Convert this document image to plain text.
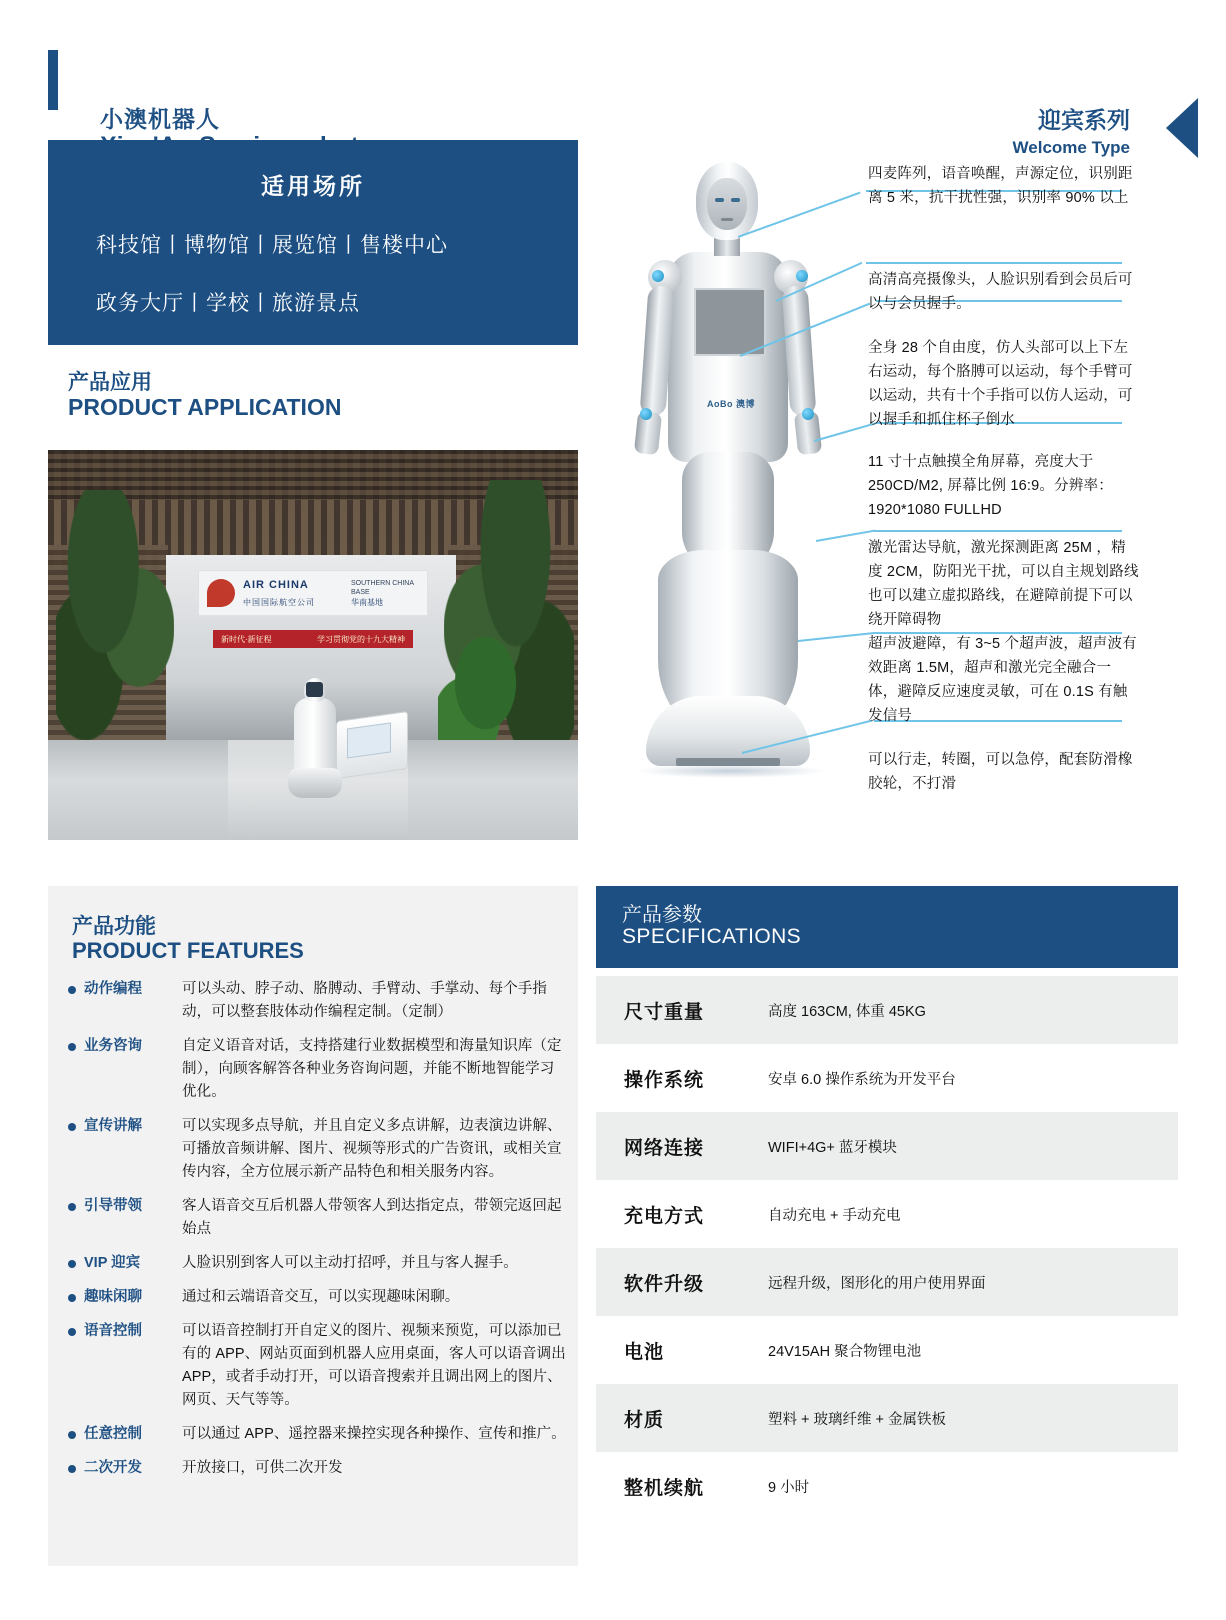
小澳机器人	迎宾系列
Welcome Type
适用场所
科技馆丨博物馆丨展览馆丨售楼中心
政务大厅丨学校丨旅游景点
产品应用
PRODUCT APPLICATION
AIR CHINA	SOUTHERN CHINA BASE
中国国际航空公司	华南基地
新时代·新征程	学习贯彻党的十九大精神
AoBo 澳博
四麦阵列，语音唤醒，声源定位，识别距离 5 米，抗干扰性强，识别率 90% 以上
高清高亮摄像头，人脸识别看到会员后可以与会员握手。
全身 28 个自由度，仿人头部可以上下左右运动，每个胳膊可以运动，每个手臂可以运动，共有十个手指可以仿人运动，可以握手和抓住杯子倒水
11 寸十点触摸全角屏幕，亮度大于 250CD/M2, 屏幕比例 16:9。分辨率：1920*1080 FULLHD
激光雷达导航，激光探测距离 25M ，精度 2CM，防阳光干扰，可以自主规划路线也可以建立虚拟路线，在避障前提下可以绕开障碍物
超声波避障，有 3~5 个超声波，超声波有效距离 1.5M，超声和激光完全融合一体，避障反应速度灵敏，可在 0.1S 有触发信号
可以行走，转圈，可以急停，配套防滑橡胶轮，不打滑
产品功能
PRODUCT FEATURES
动作编程	可以头动、脖子动、胳膊动、手臂动、手掌动、每个手指动，可以整套肢体动作编程定制。（定制）
业务咨询	自定义语音对话，支持搭建行业数据模型和海量知识库（定制），向顾客解答各种业务咨询问题，并能不断地智能学习优化。
宣传讲解	可以实现多点导航，并且自定义多点讲解，边表演边讲解、可播放音频讲解、图片、视频等形式的广告资讯，或相关宣传内容，全方位展示新产品特色和相关服务内容。
引导带领	客人语音交互后机器人带领客人到达指定点，带领完返回起始点
VIP 迎宾	人脸识别到客人可以主动打招呼，并且与客人握手。
趣味闲聊	通过和云端语音交互，可以实现趣味闲聊。
语音控制	可以语音控制打开自定义的图片、视频来预览，可以添加已有的 APP、网站页面到机器人应用桌面，客人可以语音调出 APP，或者手动打开，可以语音搜索并且调出网上的图片、网页、天气等等。
任意控制	可以通过 APP、遥控器来操控实现各种操作、宣传和推广。
二次开发	开放接口，可供二次开发
产品参数
SPECIFICATIONS
尺寸重量	高度 163CM, 体重 45KG
操作系统	安卓 6.0 操作系统为开发平台
网络连接	WIFI+4G+ 蓝牙模块
充电方式	自动充电 + 手动充电
软件升级	远程升级，图形化的用户使用界面
电池	24V15AH 聚合物锂电池
材质	塑料 + 玻璃纤维 + 金属铁板
整机续航	9 小时
